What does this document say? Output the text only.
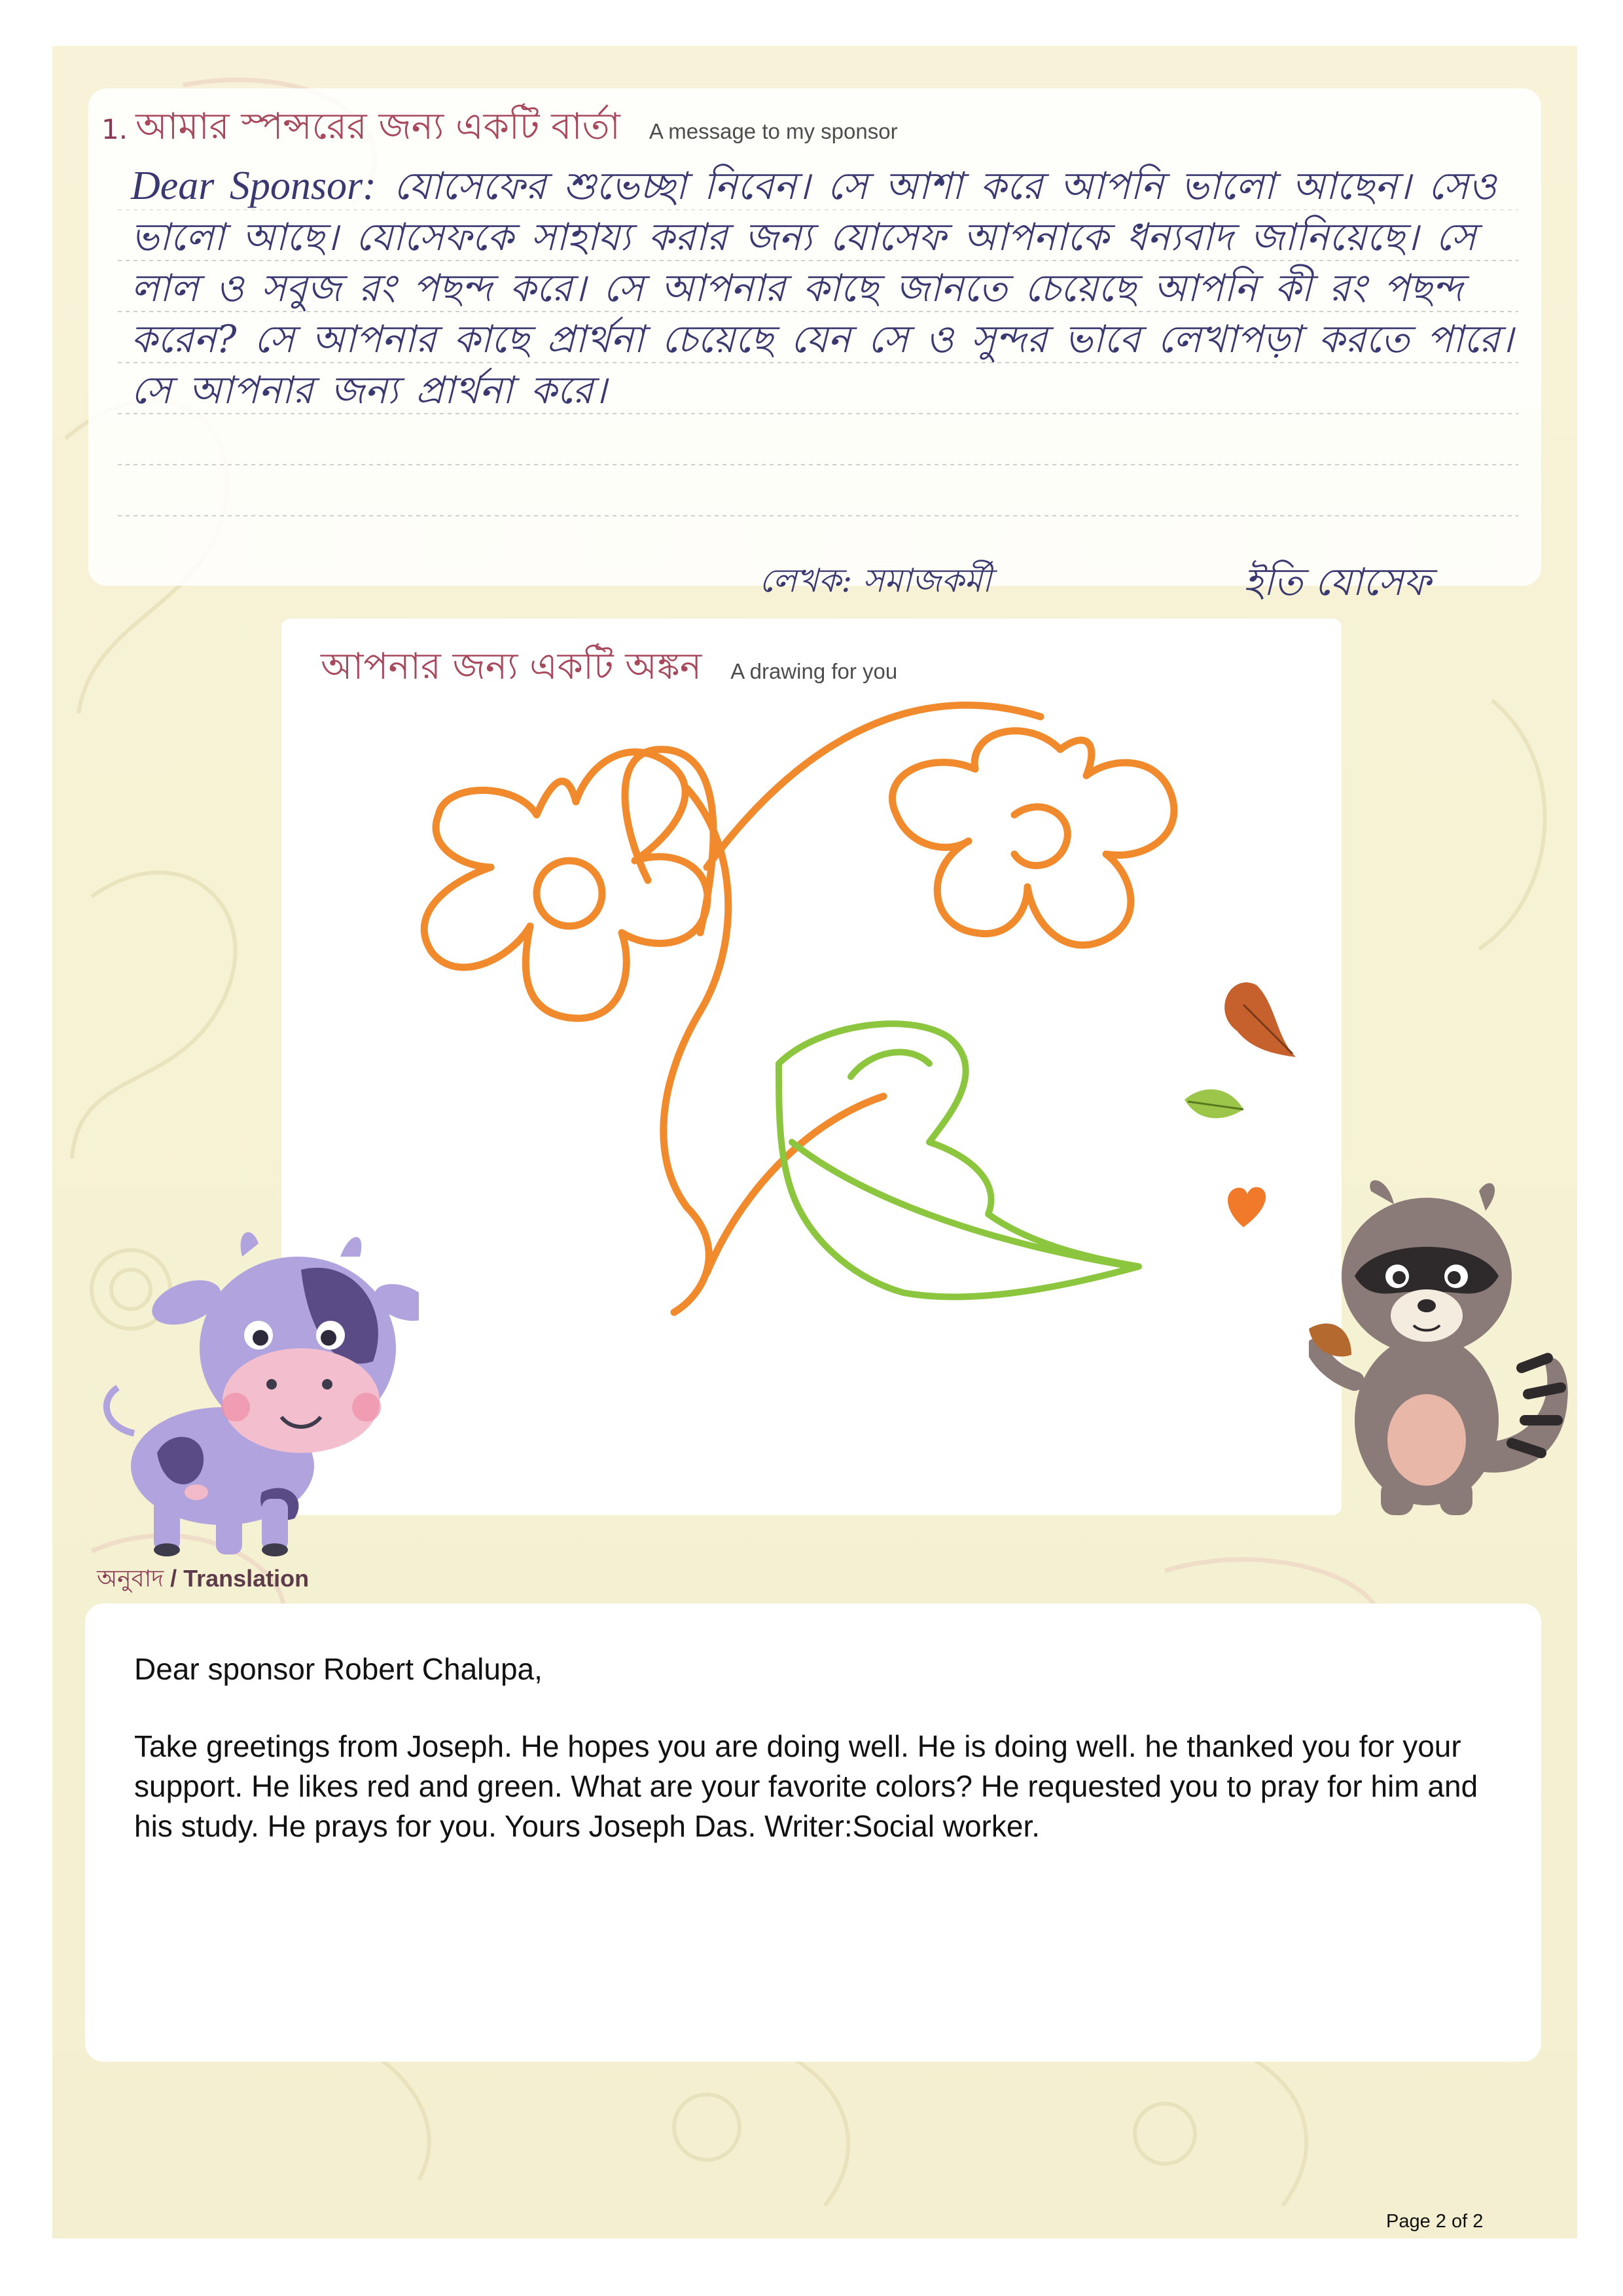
1. আমার স্পন্সরের জন্য একটি বার্তা A message to my sponsor
Dear Sponsor: যোসেফের শুভেচ্ছা নিবেন। সে আশা করে আপনি ভালো আছেন। সেও ভালো আছে। যোসেফকে সাহায্য করার জন্য যোসেফ আপনাকে ধন্যবাদ জানিয়েছে। সে লাল ও সবুজ রং পছন্দ করে। সে আপনার কাছে জানতে চেয়েছে আপনি কী রং পছন্দ করেন? সে আপনার কাছে প্রার্থনা চেয়েছে যেন সে ও সুন্দর ভাবে লেখাপড়া করতে পারে। সে আপনার জন্য প্রার্থনা করে।
লেখক: সমাজকর্মী	ইতি যোসেফ
আপনার জন্য একটি অঙ্কন A drawing for you
অনুবাদ / Translation

Dear sponsor Robert Chalupa,

Take greetings from Joseph. He hopes you are doing well. He is doing well. he thanked you for your support. He likes red and green. What are your favorite colors? He requested you to pray for him and his study. He prays for you. Yours Joseph Das. Writer:Social worker.

Page 2 of 2
